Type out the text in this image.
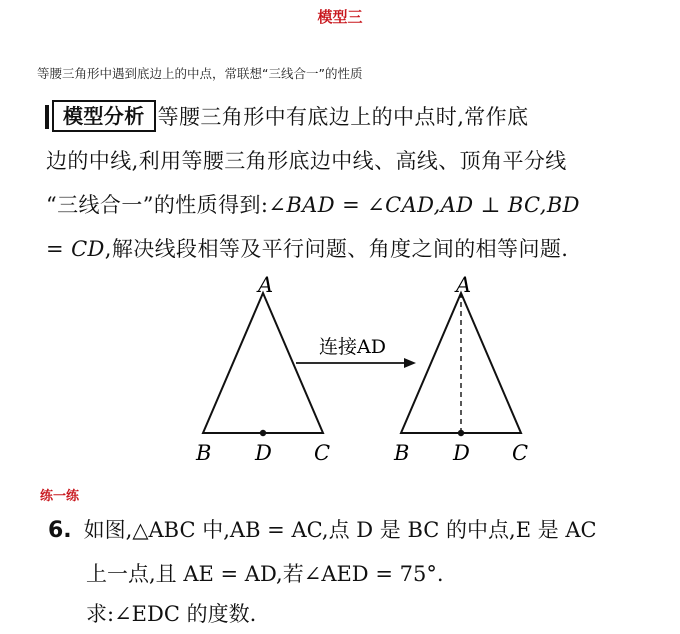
模型三
等腰三角形中遇到底边上的中点，常联想“三线合一”的性质
模型分析 等腰三角形中有底边上的中点时,常作底
边的中线,利用等腰三角形底边中线、高线、顶角平分线
“三线合一”的性质得到:∠BAD = ∠CAD,AD ⊥ BC,BD
= CD,解决线段相等及平行问题、角度之间的相等问题.
A
B D C
连接AD
A
B D C
练一练
6. 如图,△ABC 中,AB = AC,点 D 是 BC 的中点,E 是 AC
上一点,且 AE = AD,若∠AED = 75°.
求:∠EDC 的度数.
